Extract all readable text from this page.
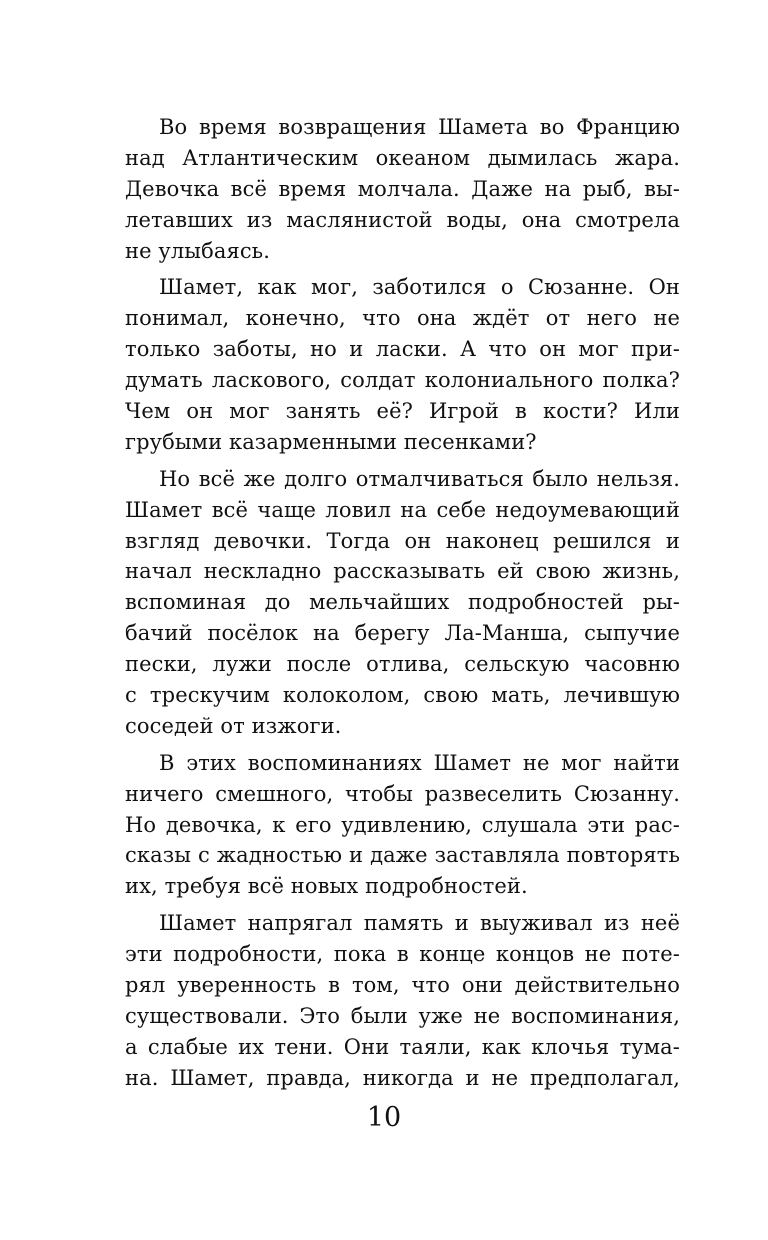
Во время возвращения Шамета во Францию
над Атлантическим океаном дымилась жара.
Девочка всё время молчала. Даже на рыб, вы-
летавших из маслянистой воды, она смотрела
не улыбаясь.
Шамет, как мог, заботился о Сюзанне. Он
понимал, конечно, что она ждёт от него не
только заботы, но и ласки. А что он мог при-
думать ласкового, солдат колониального полка?
Чем он мог занять её? Игрой в кости? Или
грубыми казарменными песенками?
Но всё же долго отмалчиваться было нельзя.
Шамет всё чаще ловил на себе недоумевающий
взгляд девочки. Тогда он наконец решился и
начал нескладно рассказывать ей свою жизнь,
вспоминая до мельчайших подробностей ры-
бачий посёлок на берегу Ла-Манша, сыпучие
пески, лужи после отлива, сельскую часовню
с трескучим колоколом, свою мать, лечившую
соседей от изжоги.
В этих воспоминаниях Шамет не мог найти
ничего смешного, чтобы развеселить Сюзанну.
Но девочка, к его удивлению, слушала эти рас-
сказы с жадностью и даже заставляла повторять
их, требуя всё новых подробностей.
Шамет напрягал память и выуживал из неё
эти подробности, пока в конце концов не поте-
рял уверенность в том, что они действительно
существовали. Это были уже не воспоминания,
а слабые их тени. Они таяли, как клочья тума-
на. Шамет, правда, никогда и не предполагал,
10
